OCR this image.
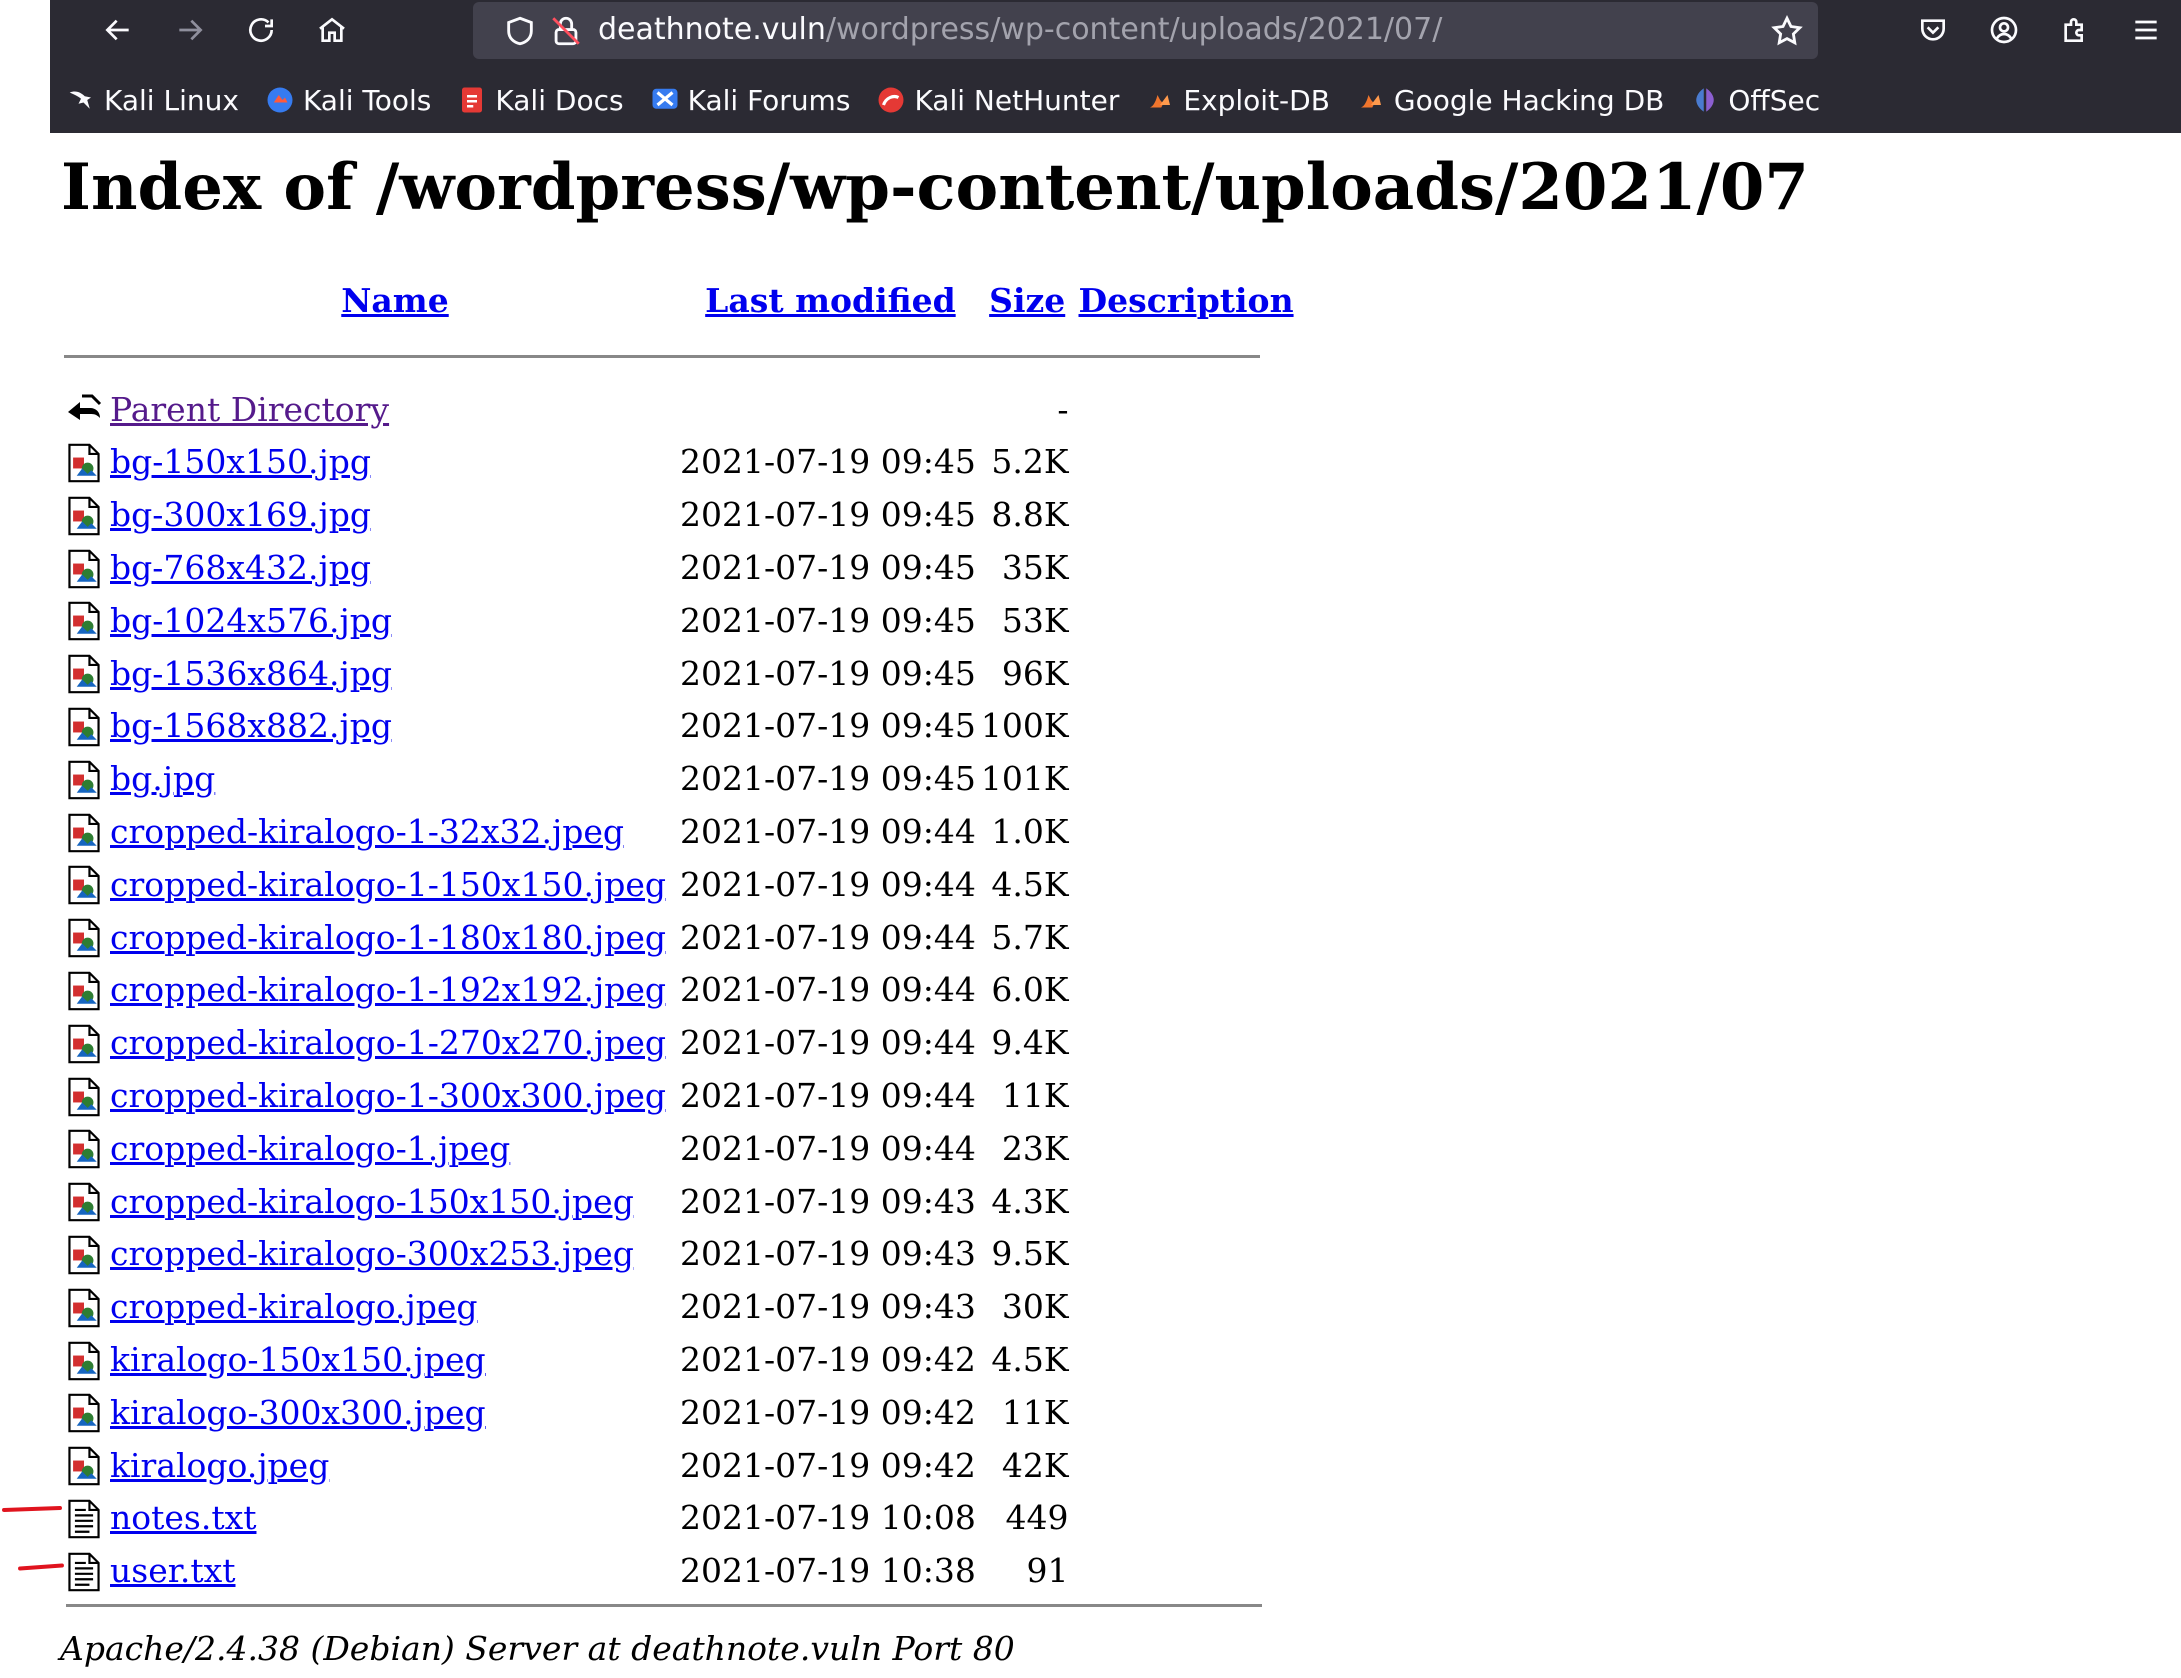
deathnote.vuln/wordpress/wp-content/uploads/2021/07/
Kali Linux Kali Tools Kali Docs Kali Forums Kali NetHunter Exploit-DB Google Hacking DB OffSec
Index of /wordpress/wp-content/uploads/2021/07
	Name	Last modified	Size	Description

	Parent Directory		-	

	bg-150x150.jpg	2021-07-19 09:45	5.2K	

	bg-300x169.jpg	2021-07-19 09:45	8.8K	

	bg-768x432.jpg	2021-07-19 09:45	35K	

	bg-1024x576.jpg	2021-07-19 09:45	53K	

	bg-1536x864.jpg	2021-07-19 09:45	96K	

	bg-1568x882.jpg	2021-07-19 09:45	100K	

	bg.jpg	2021-07-19 09:45	101K	

	cropped-kiralogo-1-32x32.jpeg	2021-07-19 09:44	1.0K	

	cropped-kiralogo-1-150x150.jpeg	2021-07-19 09:44	4.5K	

	cropped-kiralogo-1-180x180.jpeg	2021-07-19 09:44	5.7K	

	cropped-kiralogo-1-192x192.jpeg	2021-07-19 09:44	6.0K	

	cropped-kiralogo-1-270x270.jpeg	2021-07-19 09:44	9.4K	

	cropped-kiralogo-1-300x300.jpeg	2021-07-19 09:44	11K	

	cropped-kiralogo-1.jpeg	2021-07-19 09:44	23K	

	cropped-kiralogo-150x150.jpeg	2021-07-19 09:43	4.3K	

	cropped-kiralogo-300x253.jpeg	2021-07-19 09:43	9.5K	

	cropped-kiralogo.jpeg	2021-07-19 09:43	30K	

	kiralogo-150x150.jpeg	2021-07-19 09:42	4.5K	

	kiralogo-300x300.jpeg	2021-07-19 09:42	11K	

	kiralogo.jpeg	2021-07-19 09:42	42K	

	notes.txt	2021-07-19 10:08	449	

	user.txt	2021-07-19 10:38	91	

Apache/2.4.38 (Debian) Server at deathnote.vuln Port 80
